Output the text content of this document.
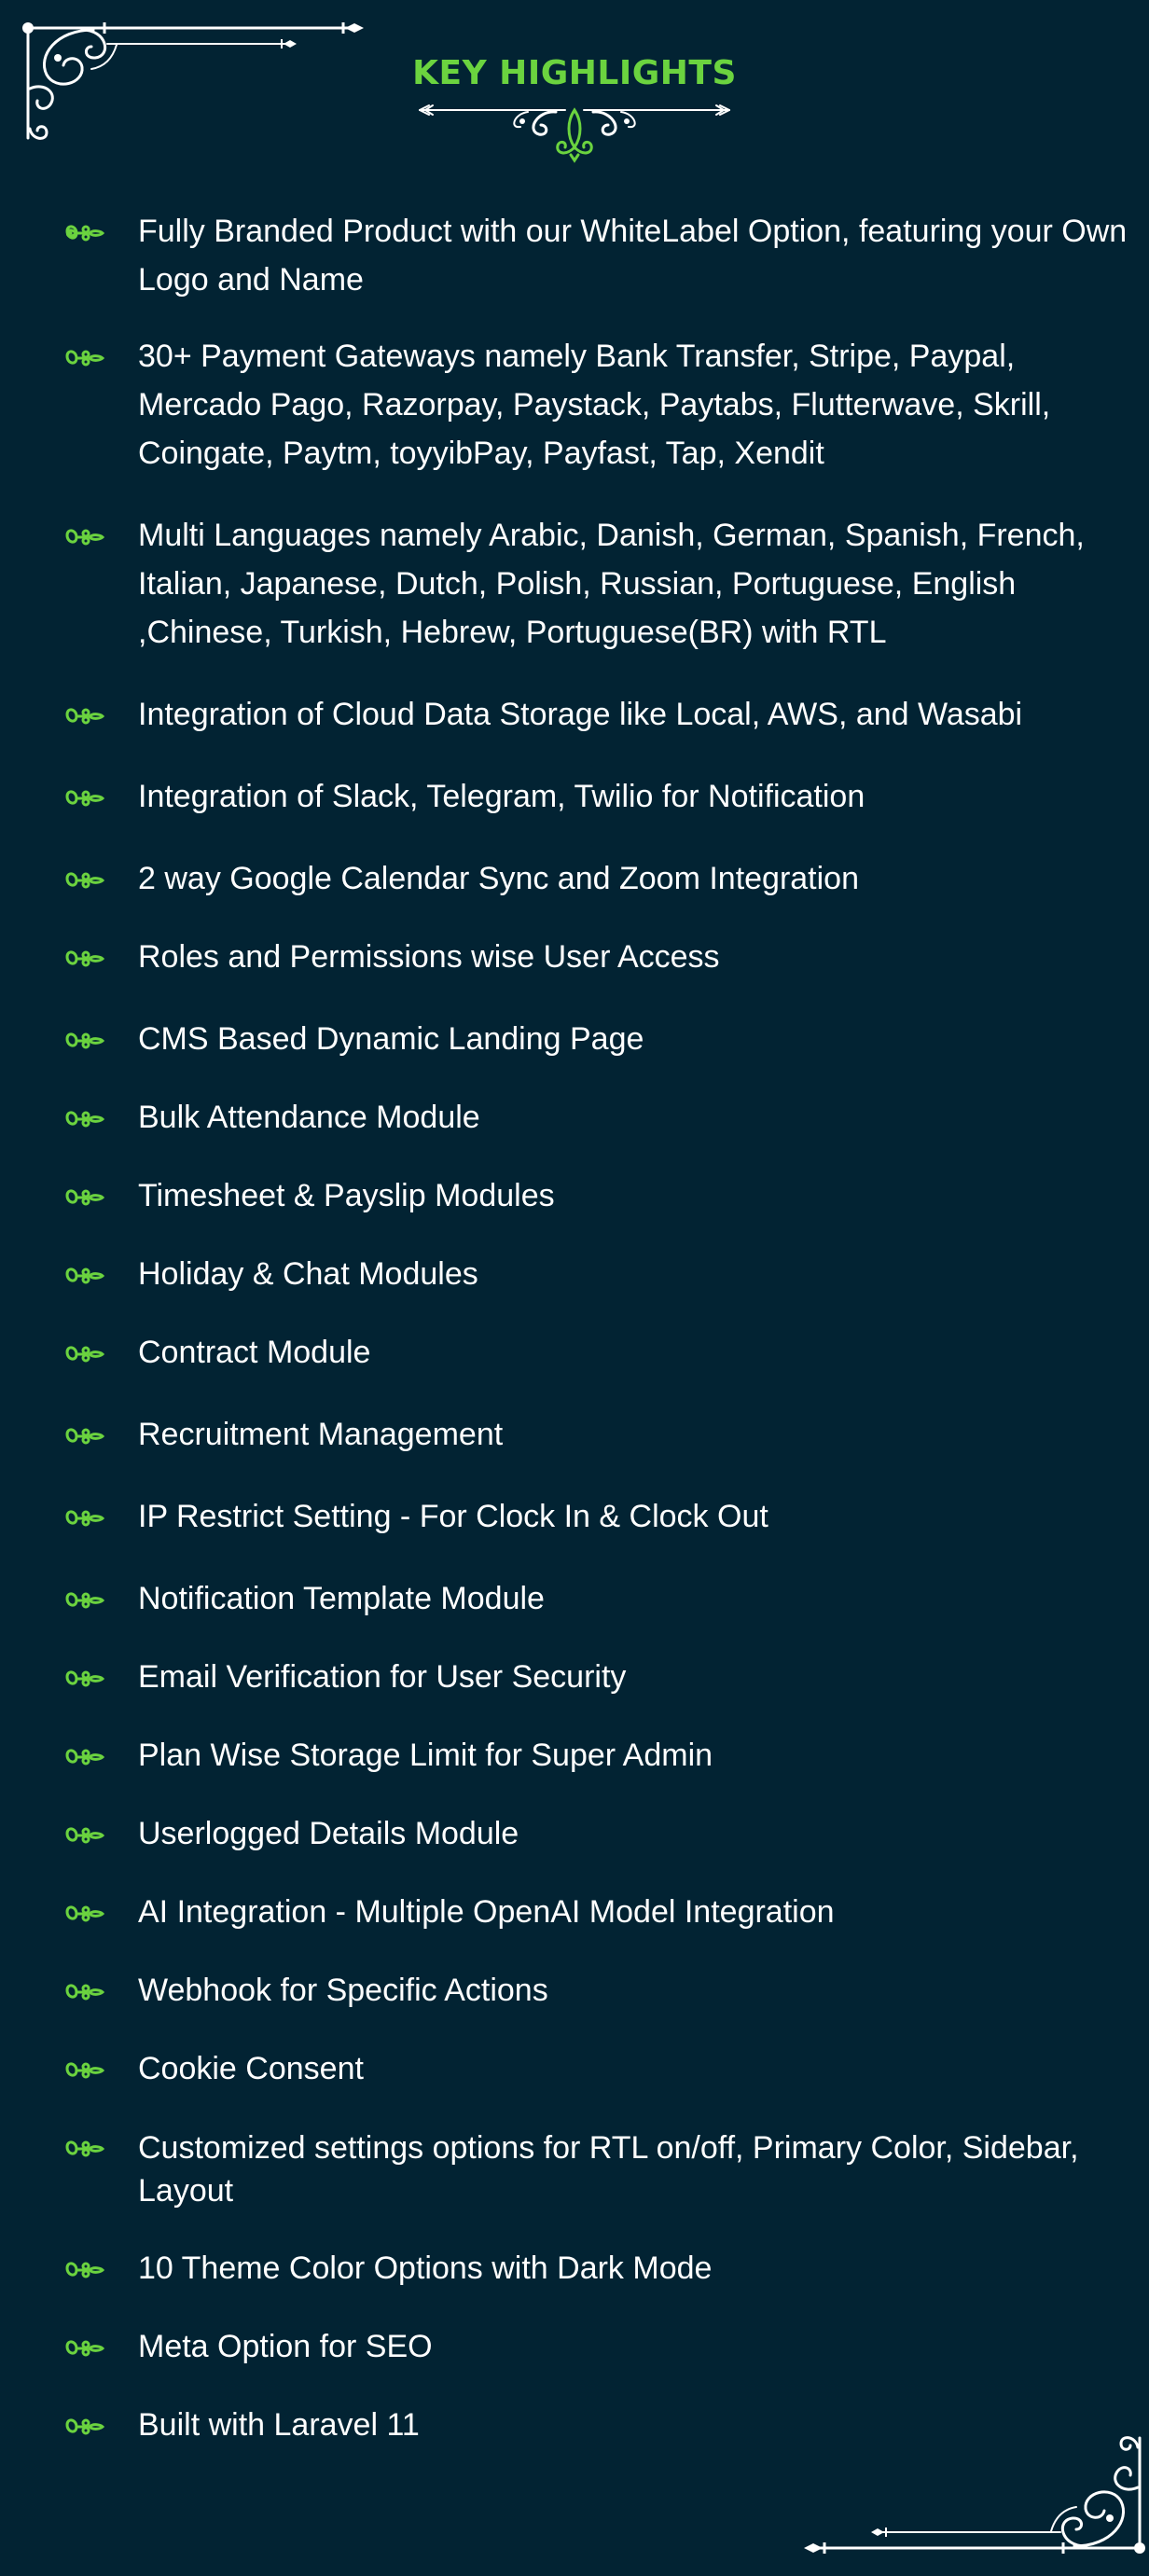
KEY HIGHLIGHTS
Fully Branded Product with our WhiteLabel Option, featuring your Own Logo and Name
30+ Payment Gateways namely Bank Transfer, Stripe, Paypal, Mercado Pago, Razorpay, Paystack, Paytabs, Flutterwave, Skrill, Coingate, Paytm, toyyibPay, Payfast, Tap, Xendit
Multi Languages namely Arabic, Danish, German, Spanish, French, Italian, Japanese, Dutch, Polish, Russian, Portuguese, English ,Chinese, Turkish, Hebrew, Portuguese(BR) with RTL
Integration of Cloud Data Storage like Local, AWS, and Wasabi
Integration of Slack, Telegram, Twilio for Notification
2 way Google Calendar Sync and Zoom Integration
Roles and Permissions wise User Access
CMS Based Dynamic Landing Page
Bulk Attendance Module
Timesheet & Payslip Modules
Holiday & Chat Modules
Contract Module
Recruitment Management
IP Restrict Setting - For Clock In & Clock Out
Notification Template Module
Email Verification for User Security
Plan Wise Storage Limit for Super Admin
Userlogged Details Module
AI Integration - Multiple OpenAI Model Integration
Webhook for Specific Actions
Cookie Consent
Customized settings options for RTL on/off, Primary Color, Sidebar, Layout
10 Theme Color Options with Dark Mode
Meta Option for SEO
Built with Laravel 11
